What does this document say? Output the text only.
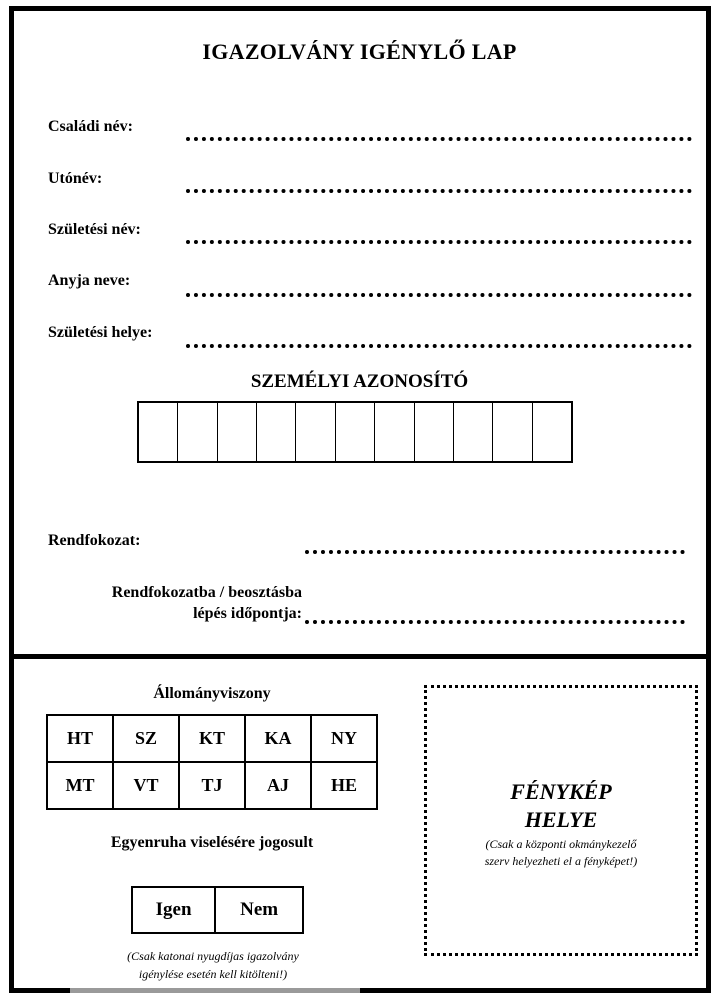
IGAZOLVÁNY IGÉNYLŐ LAP
Családi név:
Utónév:
Születési név:
Anyja neve:
Születési helye:
SZEMÉLYI AZONOSÍTÓ
Rendfokozat:
Rendfokozatba / beosztásba
lépés időpontja:
Állományviszony
HT	SZ	KT	KA	NY
MT	VT	TJ	AJ	HE
Egyenruha viselésére jogosult
Igen	Nem
(Csak katonai nyugdíjas igazolvány
igénylése esetén kell kitölteni!)
FÉNYKÉP
HELYE
(Csak a központi okmánykezelő
szerv helyezheti el a fényképet!)
